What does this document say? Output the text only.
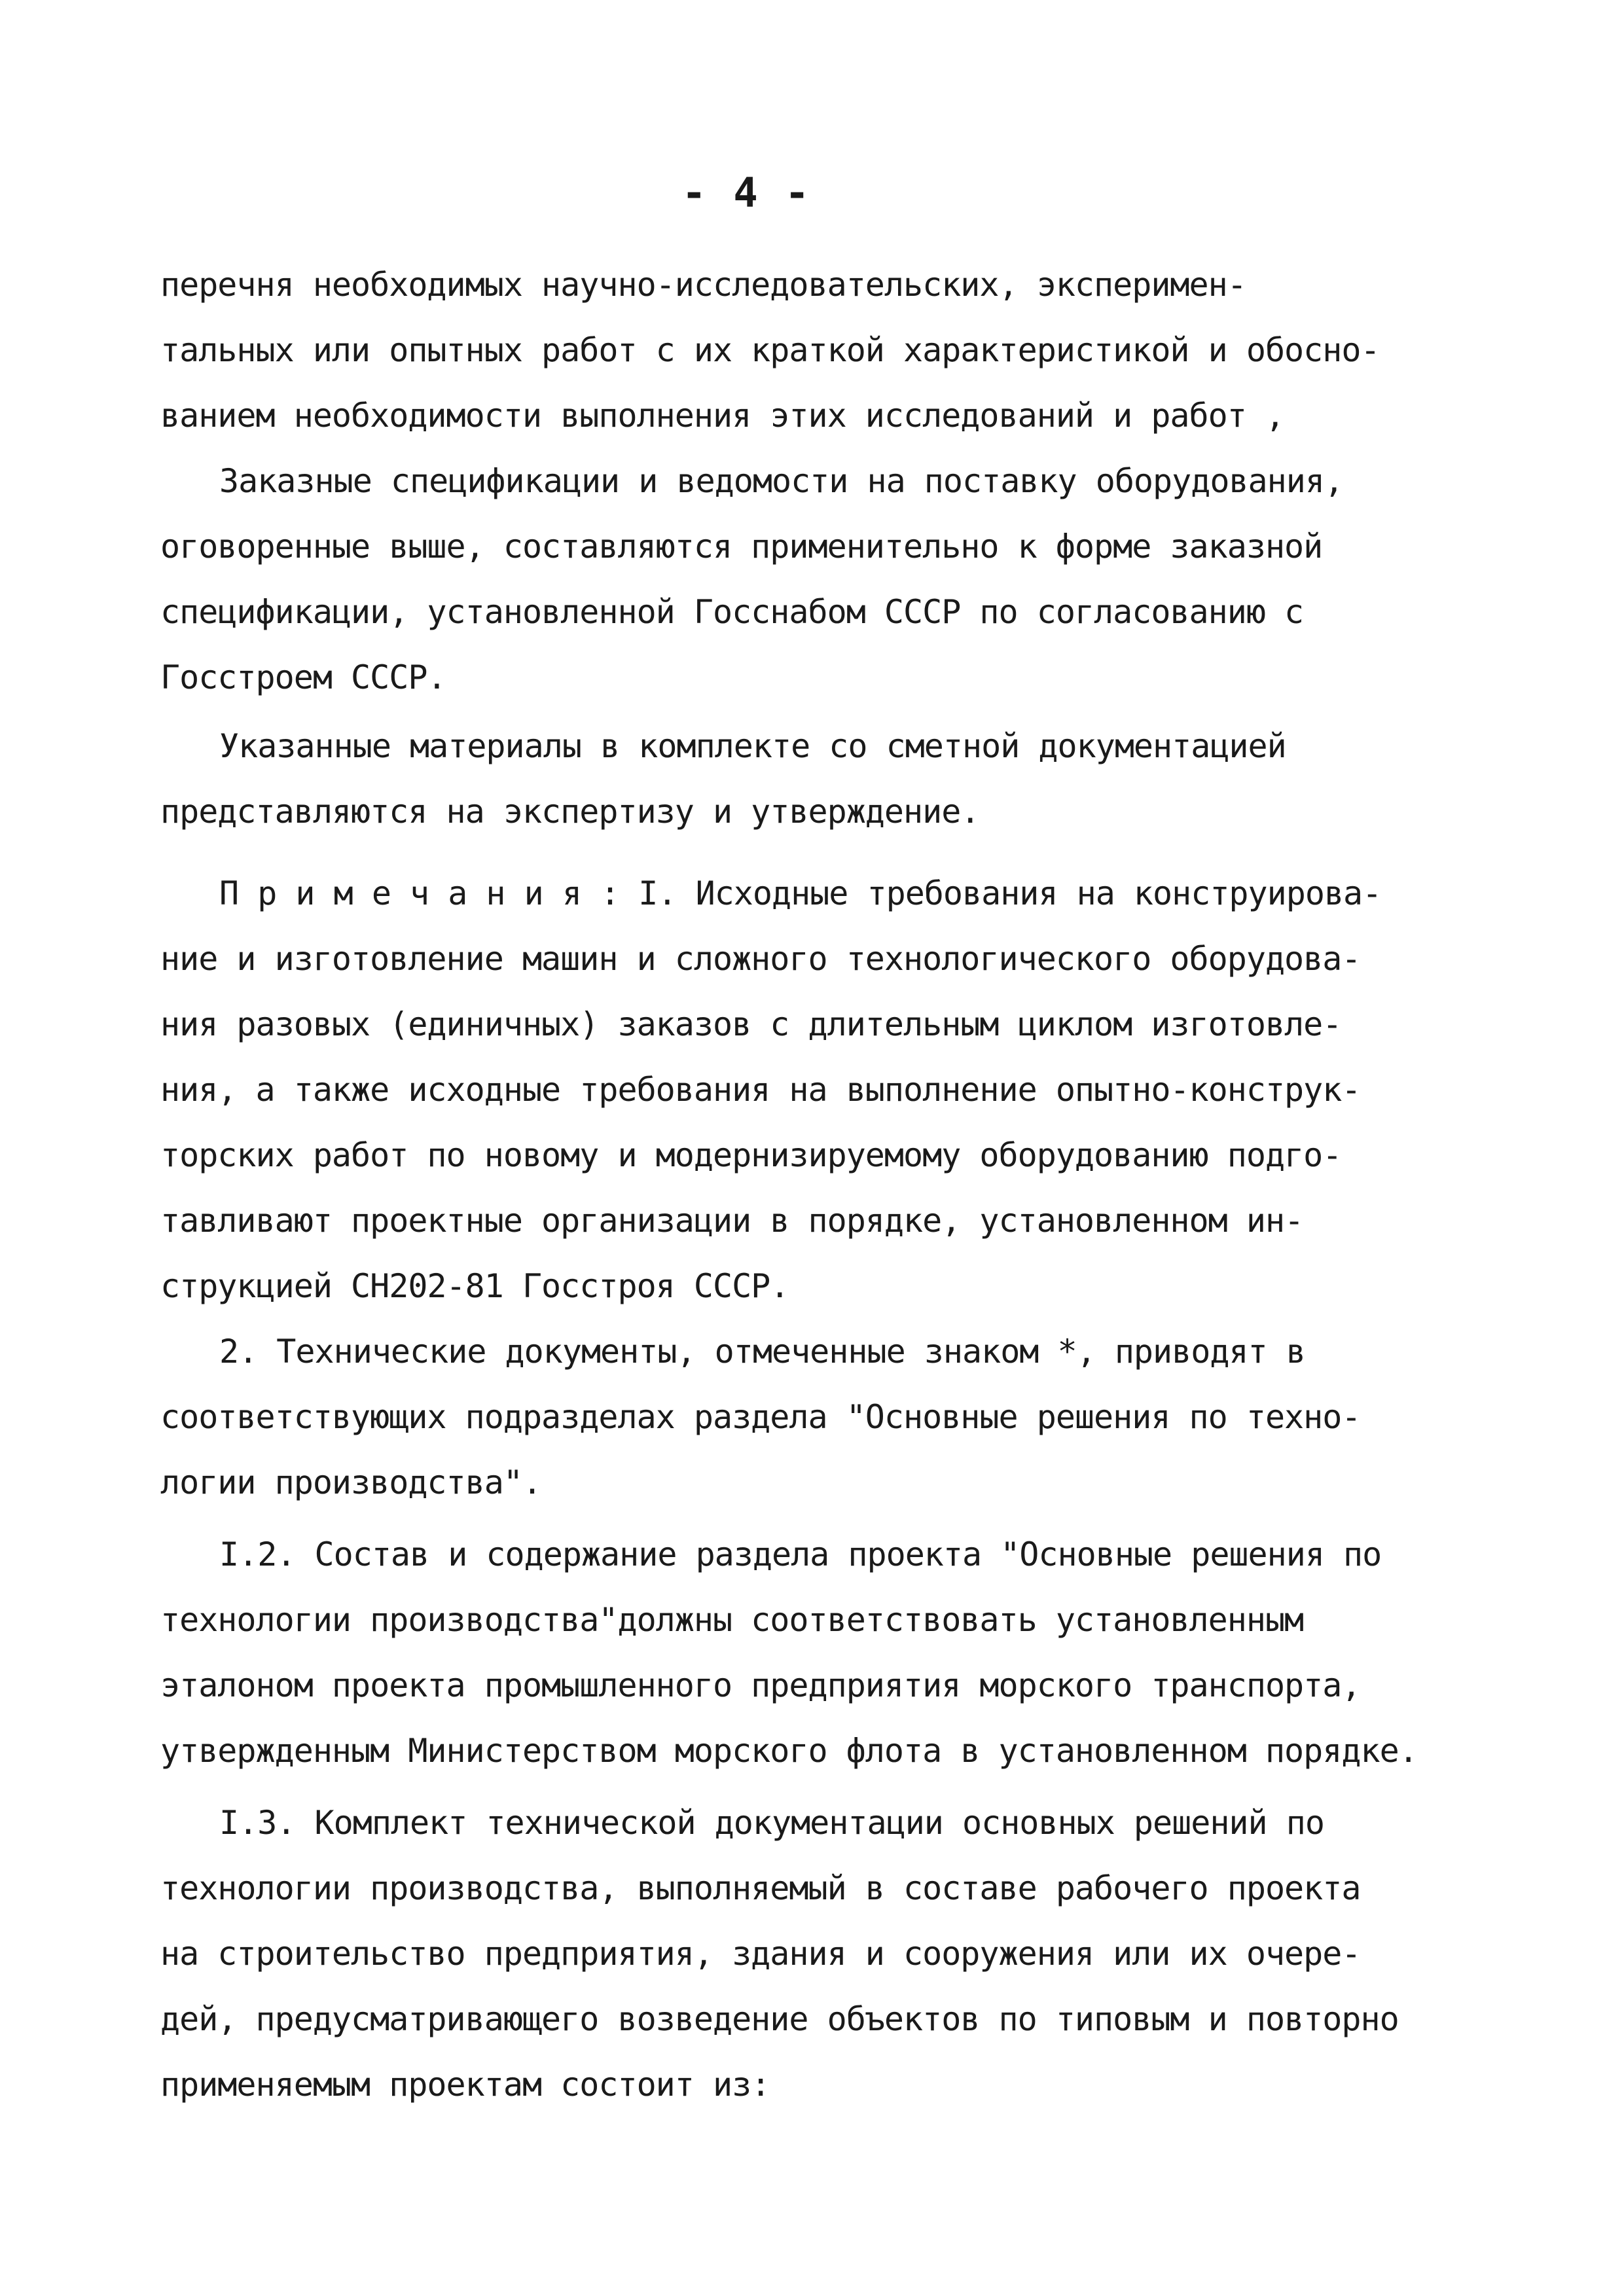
- 4 -
перечня необходимых научно-исследовательских, эксперимен-
тальных или опытных работ с их краткой характеристикой и обосно-
ванием необходимости выполнения этих исследований и работ ,
Заказные спецификации и ведомости на поставку оборудования,
оговоренные выше, составляются применительно к форме заказной
спецификации, установленной Госснабом СССР по согласованию с
Госстроем СССР.
Указанные материалы в комплекте со сметной документацией
представляются на экспертизу и утверждение.
П р и м е ч а н и я : I. Исходные требования на конструирова-
ние и изготовление машин и сложного технологического оборудова-
ния разовых (единичных) заказов с длительным циклом изготовле-
ния, а также исходные требования на выполнение опытно-конструк-
торских работ по новому и модернизируемому оборудованию подго-
тавливают проектные организации в порядке, установленном ин-
струкцией СН202-81 Госстроя СССР.
2. Технические документы, отмеченные знаком *, приводят в
соответствующих подразделах раздела "Основные решения по техно-
логии производства".
I.2. Состав и содержание раздела проекта "Основные решения по
технологии производства"должны соответствовать установленным
эталоном проекта промышленного предприятия морского транспорта,
утвержденным Министерством морского флота в установленном порядке.
I.3. Комплект технической документации основных решений по
технологии производства, выполняемый в составе рабочего проекта
на строительство предприятия, здания и сооружения или их очере-
дей, предусматривающего возведение объектов по типовым и повторно
применяемым проектам состоит из:
